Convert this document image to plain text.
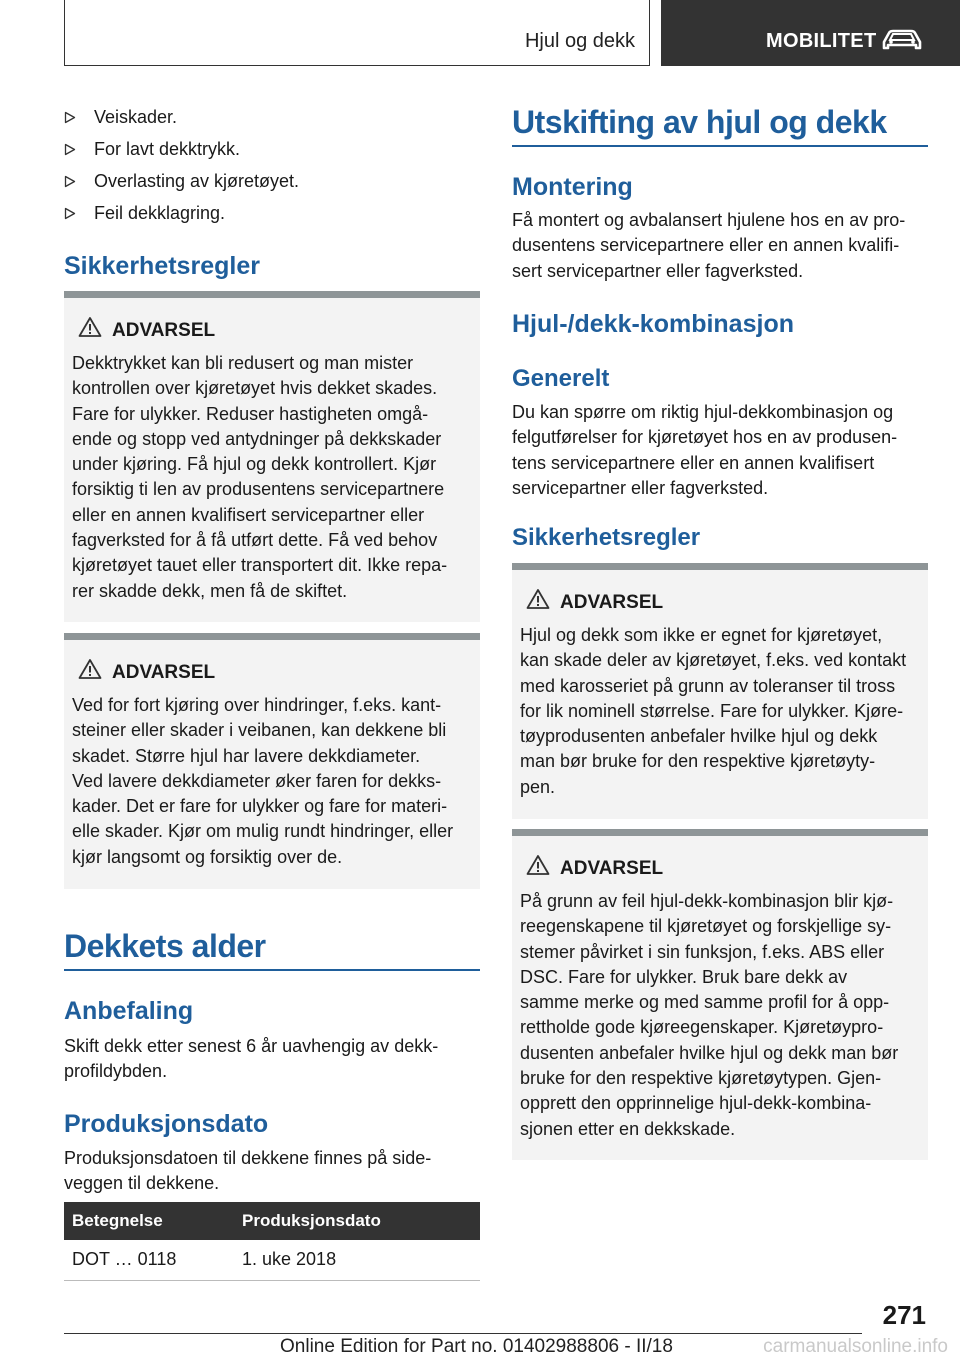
Hjul og dekk	MOBILITET
Veiskader.
For lavt dekktrykk.
Overlasting av kjøretøyet.
Feil dekklagring.
Sikkerhetsregler
ADVARSEL
Dekktrykket kan bli redusert og man mister
kontrollen over kjøretøyet hvis dekket skades.
Fare for ulykker. Reduser hastigheten omgå-
ende og stopp ved antydninger på dekkskader
under kjøring. Få hjul og dekk kontrollert. Kjør
forsiktig ti len av produsentens servicepartnere
eller en annen kvalifisert servicepartner eller
fagverksted for å få utført dette. Få ved behov
kjøretøyet tauet eller transportert dit. Ikke repa-
rer skadde dekk, men få de skiftet.
ADVARSEL
Ved for fort kjøring over hindringer, f.eks. kant-
steiner eller skader i veibanen, kan dekkene bli
skadet. Større hjul har lavere dekkdiameter.
Ved lavere dekkdiameter øker faren for dekks-
kader. Det er fare for ulykker og fare for materi-
elle skader. Kjør om mulig rundt hindringer, eller
kjør langsomt og forsiktig over de.
Dekkets alder
Anbefaling
Skift dekk etter senest 6 år uavhengig av dekk-
profildybden.
Produksjonsdato
Produksjonsdatoen til dekkene finnes på side-
veggen til dekkene.
Betegnelse	Produksjonsdato
DOT … 0118	1. uke 2018
Utskifting av hjul og dekk
Montering
Få montert og avbalansert hjulene hos en av pro-
dusentens servicepartnere eller en annen kvalifi-
sert servicepartner eller fagverksted.
Hjul-/dekk-kombinasjon
Generelt
Du kan spørre om riktig hjul-dekkombinasjon og
felgutførelser for kjøretøyet hos en av produsen-
tens servicepartnere eller en annen kvalifisert
servicepartner eller fagverksted.
Sikkerhetsregler
ADVARSEL
Hjul og dekk som ikke er egnet for kjøretøyet,
kan skade deler av kjøretøyet, f.eks. ved kontakt
med karosseriet på grunn av toleranser til tross
for lik nominell størrelse. Fare for ulykker. Kjøre-
tøyprodusenten anbefaler hvilke hjul og dekk
man bør bruke for den respektive kjøretøyty-
pen.
ADVARSEL
På grunn av feil hjul-dekk-kombinasjon blir kjø-
reegenskapene til kjøretøyet og forskjellige sy-
stemer påvirket i sin funksjon, f.eks. ABS eller
DSC. Fare for ulykker. Bruk bare dekk av
samme merke og med samme profil for å opp-
rettholde gode kjøreegenskaper. Kjøretøypro-
dusenten anbefaler hvilke hjul og dekk man bør
bruke for den respektive kjøretøytypen. Gjen-
opprett den opprinnelige hjul-dekk-kombina-
sjonen etter en dekkskade.
271
Online Edition for Part no. 01402988806 - II/18	carmanualsonline.info
